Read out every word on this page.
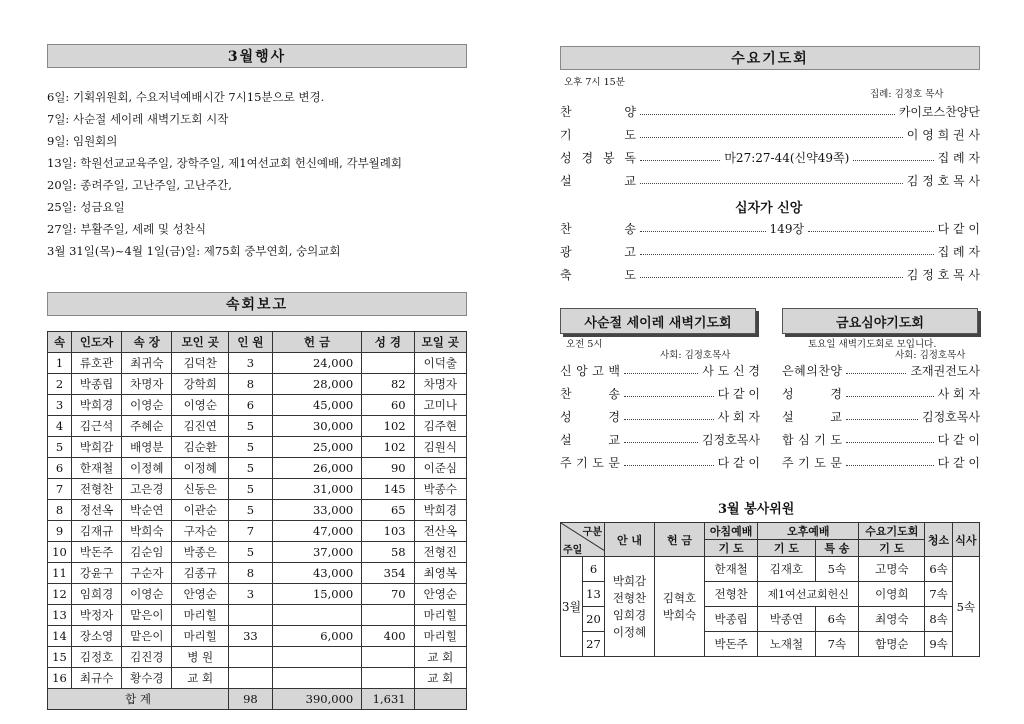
3월행사
6일: 기획위원회, 수요저녁예배시간 7시15분으로 변경.
7일: 사순절 세이레 새벽기도회 시작
9일: 임원회의
13일: 학원선교교육주일, 장학주일, 제1여선교회 헌신예배, 각부월례회
20일: 종려주일, 고난주일, 고난주간,
25일: 성금요일
27일: 부활주일, 세례 및 성찬식
3월 31일(목)~4월 1일(금)일: 제75회 중부연회, 숭의교회
속회보고
속	인도자	속 장	모인 곳	인 원	헌 금	성 경	모일 곳
1	류호관	최귀숙	김덕찬	3	24,000		이덕출
2	박종립	차명자	강학희	8	28,000	82	차명자
3	박희경	이영순	이영순	6	45,000	60	고미나
4	김근석	주혜순	김진연	5	30,000	102	김주현
5	박희감	배영분	김순환	5	25,000	102	김원식
6	한재철	이정혜	이정혜	5	26,000	90	이준심
7	전형찬	고은경	신동은	5	31,000	145	박종수
8	정선옥	박순연	이관순	5	33,000	65	박희경
9	김재규	박희숙	구자순	7	47,000	103	전산옥
10	박돈주	김순임	박종은	5	37,000	58	전형진
11	강윤구	구순자	김종규	8	43,000	354	최영복
12	임희경	이영순	안영순	3	15,000	70	안영순
13	박정자	맡은이	마리힐				마리힐
14	장소영	맡은이	마리힐	33	6,000	400	마리힐
15	김정호	김진경	병 원				교 회
16	최규수	황수경	교 회				교 회
합 계				98	390,000	1,631	
수요기도회
오후 7시 15분
집례: 김정호 목사
찬	양	카이로스찬양단
기	도	이 영 희 권 사
성 경 봉 독	마27:27-44(신약49쪽)	집 례 자
설	교	김 정 호 목 사
십자가 신앙
찬	송	149장	다 같 이
광	고	집 례 자
축	도	김 정 호 목 사
사순절 세이레 새벽기도회
오전 5시
사회: 김정호목사
신 앙 고 백	사 도 신 경
찬	송	다 같 이
성	경	사 회 자
설	교	김정호목사
주 기 도 문	다 같 이
금요심야기도회
토요일 새벽기도회로 모입니다.
사회: 김정호목사
은 혜 의 찬 양	조재권전도사
성	경	사 회 자
설	교	김정호목사
합 심 기 도	다 같 이
주 기 도 문	다 같 이
3월 봉사위원
구분
주일		안 내	헌 금	아침예배	오후예배		수요기도회	청소	식사
				기 도	기 도	특 송	기 도		
3월	6	박희감 전형찬 임희경 이정혜	김혁호 박희숙	한재철	김재호	5속	고명숙	6속	5속
	13			전형찬	제1여선교회헌신		이영희	7속	
	20			박종립	박종연	6속	최영숙	8속	
	27			박돈주	노재철	7속	함명순	9속	
